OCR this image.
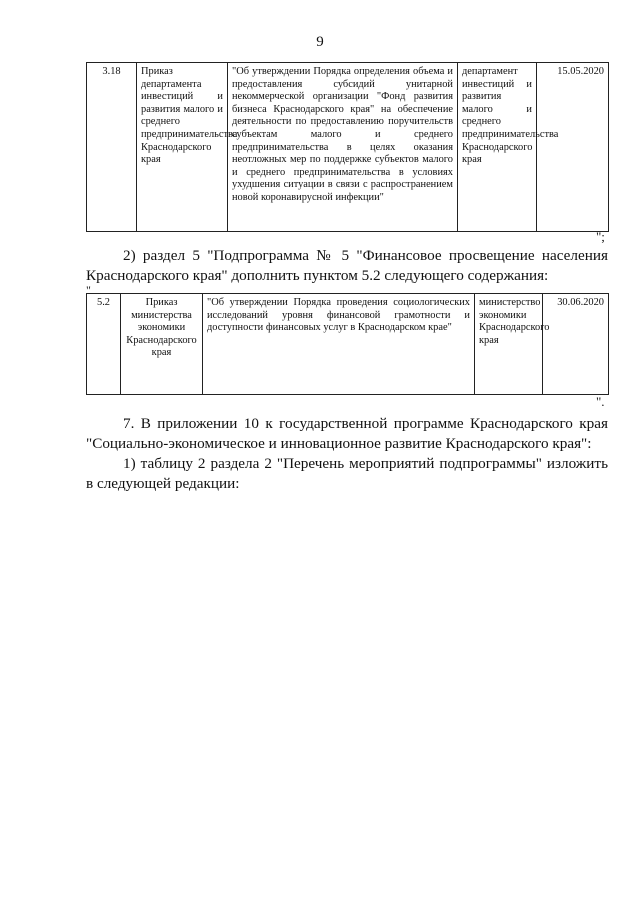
9
3.18	Приказ департамента инвестиций и развития малого и среднего предпринимательства Краснодарского края	"Об утверждении Порядка определения объема и предоставления субсидий унитарной некоммерческой организации "Фонд развития бизнеса Краснодарского края" на обеспечение деятельности по предоставлению поручительств субъектам малого и среднего предпринимательства в целях оказания неотложных мер по поддержке субъектов малого и среднего предпринимательства в условиях ухудшения ситуации в связи с распространением новой коронавирусной инфекции"	департамент инвестиций и развития малого и среднего предпринимательства Краснодарского края	15.05.2020
";
2) раздел 5 "Подпрограмма № 5 "Финансовое просвещение населения Краснодарского края" дополнить пунктом 5.2 следующего содержания:
"
5.2	Приказ министерства экономики Краснодарского края	"Об утверждении Порядка проведения социологических исследований уровня финансовой грамотности и доступности финансовых услуг в Краснодарском крае"	министерство экономики Краснодарского края	30.06.2020
".
7. В приложении 10 к государственной программе Краснодарского края "Социально-экономическое и инновационное развитие Краснодарского края":
1) таблицу 2 раздела 2 "Перечень мероприятий подпрограммы" изложить в следующей редакции:
